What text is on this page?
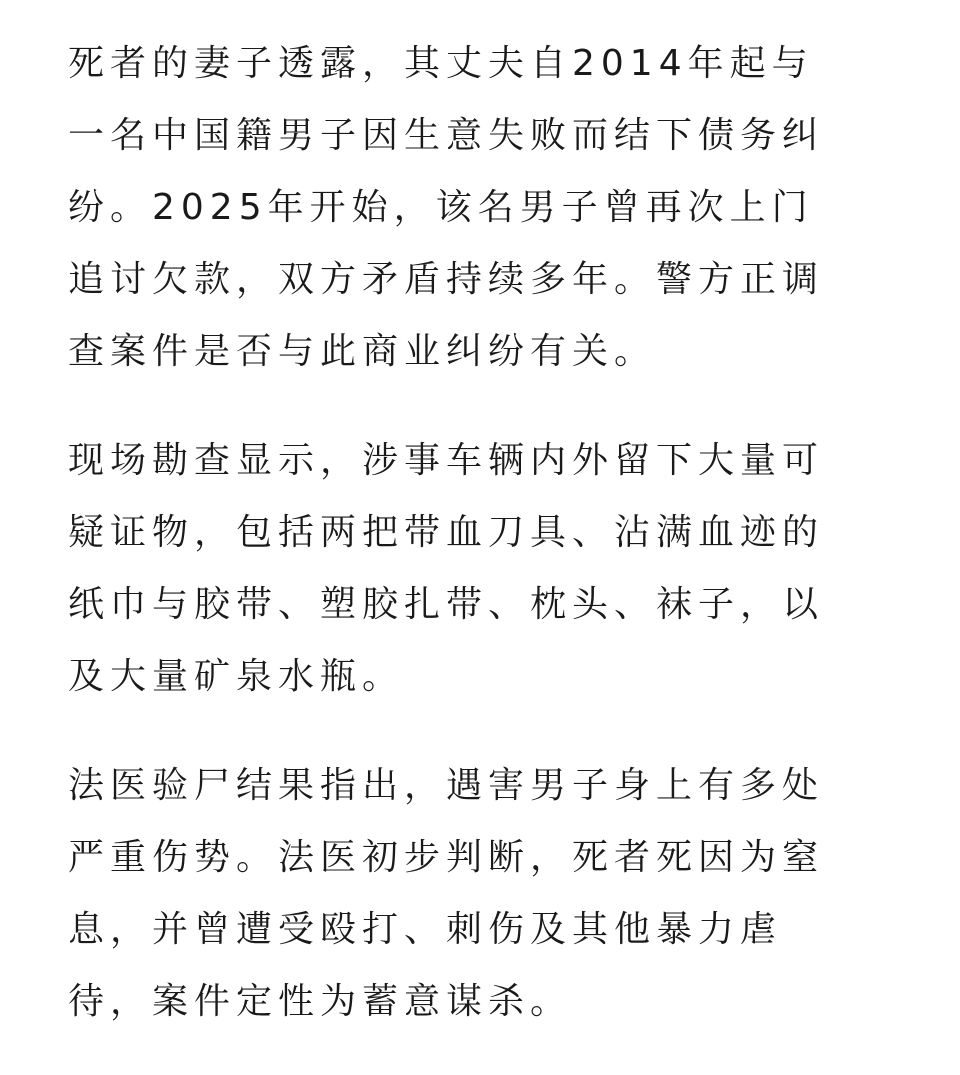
死者的妻子透露，其丈夫自2014年起与
一名中国籍男子因生意失败而结下债务纠
纷。2025年开始，该名男子曾再次上门
追讨欠款，双方矛盾持续多年。警方正调
查案件是否与此商业纠纷有关。
现场勘查显示，涉事车辆内外留下大量可
疑证物，包括两把带血刀具、沾满血迹的
纸巾与胶带、塑胶扎带、枕头、袜子，以
及大量矿泉水瓶。
法医验尸结果指出，遇害男子身上有多处
严重伤势。法医初步判断，死者死因为窒
息，并曾遭受殴打、刺伤及其他暴力虐
待，案件定性为蓄意谋杀。
